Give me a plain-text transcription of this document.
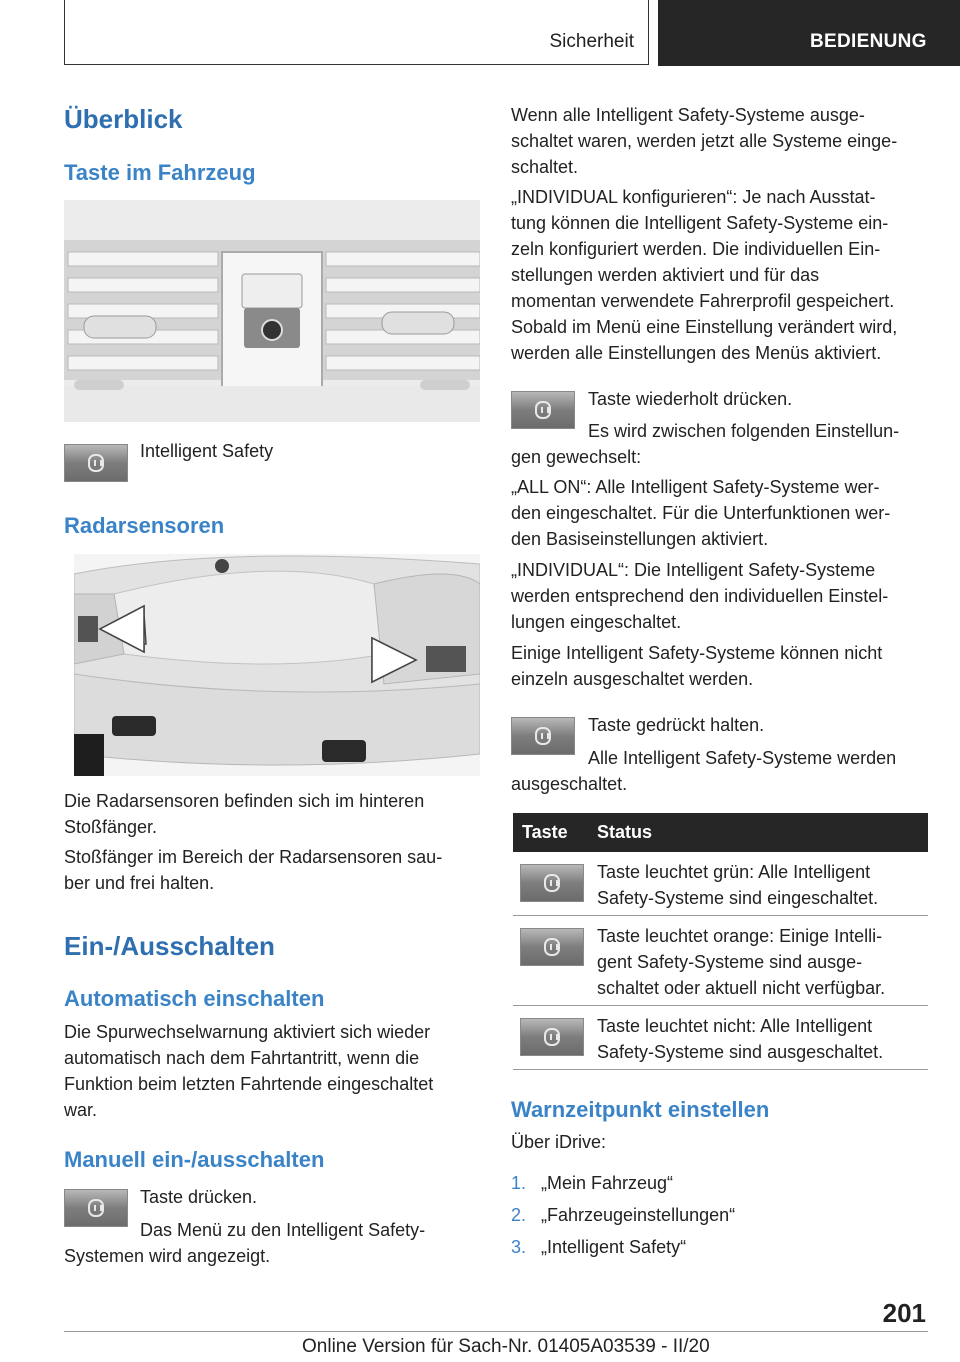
Sicherheit	BEDIENUNG
Überblick
Taste im Fahrzeug
Intelligent Safety
Radarsensoren
Die Radarsensoren befinden sich im hinteren
Stoßfänger.
Stoßfänger im Bereich der Radarsensoren sau-
ber und frei halten.
Ein-/Ausschalten
Automatisch einschalten
Die Spurwechselwarnung aktiviert sich wieder
automatisch nach dem Fahrtantritt, wenn die
Funktion beim letzten Fahrtende eingeschaltet
war.
Manuell ein-/ausschalten
Taste drücken.
Das Menü zu den Intelligent Safety-
Systemen wird angezeigt.
Wenn alle Intelligent Safety-Systeme ausge-
schaltet waren, werden jetzt alle Systeme einge-
schaltet.
„INDIVIDUAL konfigurieren“: Je nach Ausstat-
tung können die Intelligent Safety-Systeme ein-
zeln konfiguriert werden. Die individuellen Ein-
stellungen werden aktiviert und für das
momentan verwendete Fahrerprofil gespeichert.
Sobald im Menü eine Einstellung verändert wird,
werden alle Einstellungen des Menüs aktiviert.
Taste wiederholt drücken.
Es wird zwischen folgenden Einstellun-
gen gewechselt:
„ALL ON“: Alle Intelligent Safety-Systeme wer-
den eingeschaltet. Für die Unterfunktionen wer-
den Basiseinstellungen aktiviert.
„INDIVIDUAL“: Die Intelligent Safety-Systeme
werden entsprechend den individuellen Einstel-
lungen eingeschaltet.
Einige Intelligent Safety-Systeme können nicht
einzeln ausgeschaltet werden.
Taste gedrückt halten.
Alle Intelligent Safety-Systeme werden
ausgeschaltet.
Taste Status
Taste leuchtet grün: Alle Intelligent
Safety-Systeme sind eingeschaltet.
Taste leuchtet orange: Einige Intelli-
gent Safety-Systeme sind ausge-
schaltet oder aktuell nicht verfügbar.
Taste leuchtet nicht: Alle Intelligent
Safety-Systeme sind ausgeschaltet.
Warnzeitpunkt einstellen
Über iDrive:
1. „Mein Fahrzeug“
2. „Fahrzeugeinstellungen“
3. „Intelligent Safety“
201
Online Version für Sach-Nr. 01405A03539 - II/20
